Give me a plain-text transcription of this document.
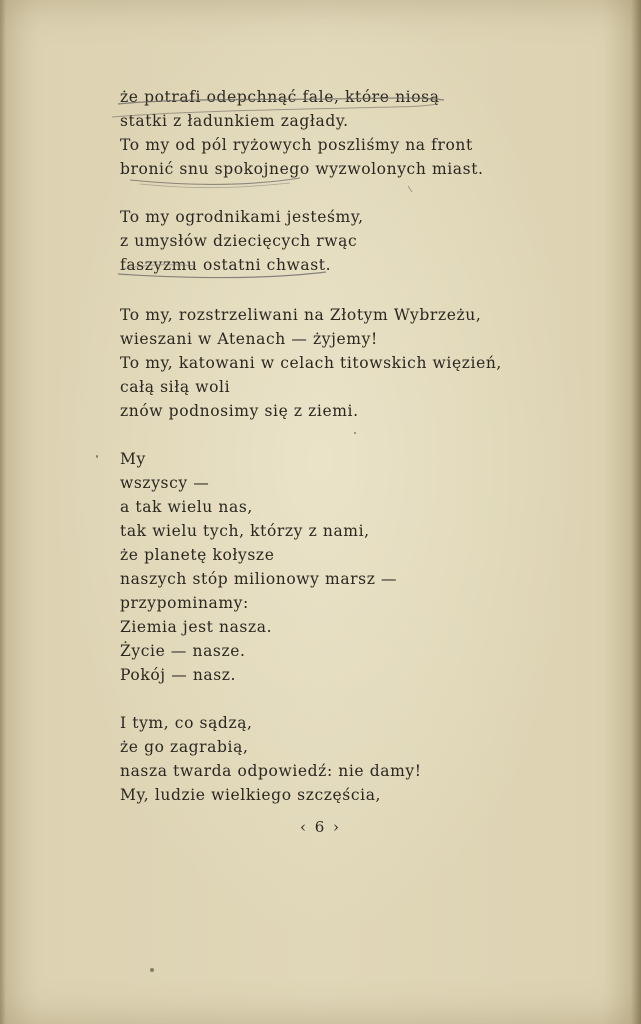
że potrafi odepchnąć fale, które niosą
statki z ładunkiem zagłady.
To my od pól ryżowych poszliśmy na front
bronić snu spokojnego wyzwolonych miast.
To my ogrodnikami jesteśmy,
z umysłów dziecięcych rwąc
faszyzmu ostatni chwast.
To my, rozstrzeliwani na Złotym Wybrzeżu,
wieszani w Atenach — żyjemy!
To my, katowani w celach titowskich więzień,
całą siłą woli
znów podnosimy się z ziemi.
My
wszyscy —
a tak wielu nas,
tak wielu tych, którzy z nami,
że planetę kołysze
naszych stóp milionowy marsz —
przypominamy:
Ziemia jest nasza.
Życie — nasze.
Pokój — nasz.
I tym, co sądzą,
że go zagrabią,
nasza twarda odpowiedź: nie damy!
My, ludzie wielkiego szczęścia,
‹ 6 ›
